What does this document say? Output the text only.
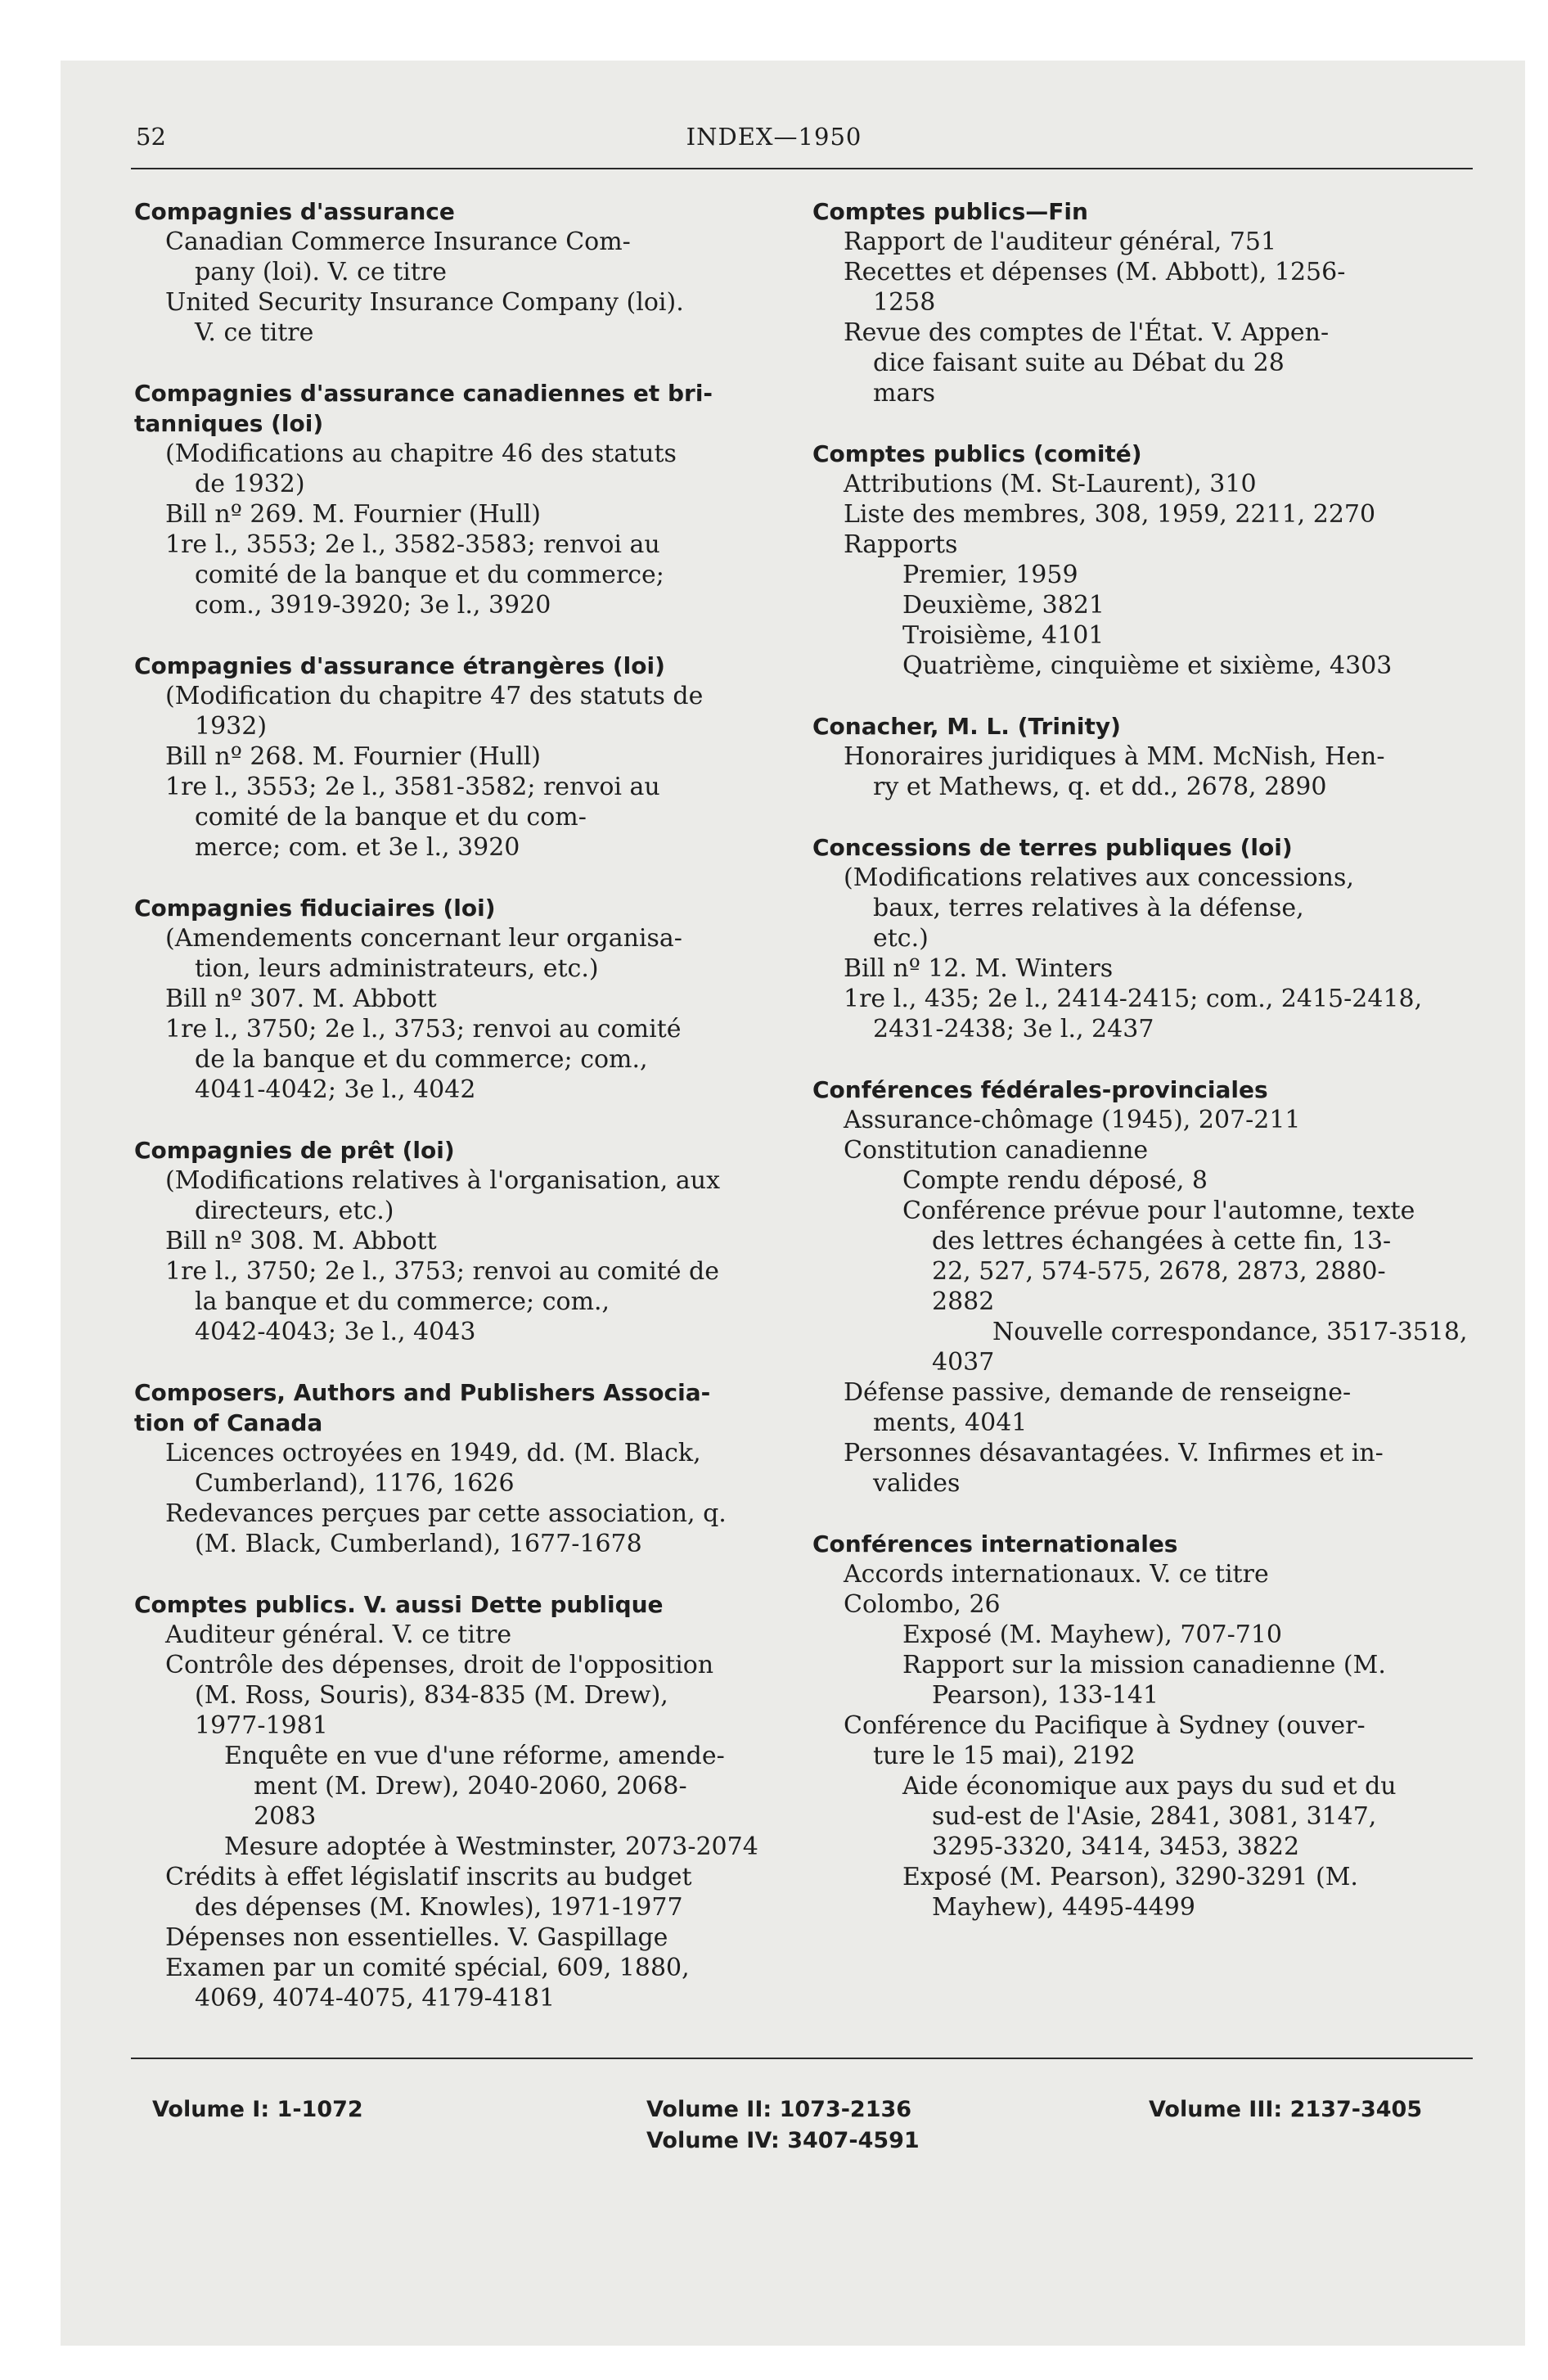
52	INDEX—1950
Compagnies d'assurance
Canadian Commerce Insurance Com-
pany (loi). V. ce titre
United Security Insurance Company (loi).
V. ce titre
Compagnies d'assurance canadiennes et bri-
tanniques (loi)
(Modifications au chapitre 46 des statuts
de 1932)
Bill nº 269. M. Fournier (Hull)
1re l., 3553; 2e l., 3582-3583; renvoi au
comité de la banque et du commerce;
com., 3919-3920; 3e l., 3920
Compagnies d'assurance étrangères (loi)
(Modification du chapitre 47 des statuts de
1932)
Bill nº 268. M. Fournier (Hull)
1re l., 3553; 2e l., 3581-3582; renvoi au
comité de la banque et du com-
merce; com. et 3e l., 3920
Compagnies fiduciaires (loi)
(Amendements concernant leur organisa-
tion, leurs administrateurs, etc.)
Bill nº 307. M. Abbott
1re l., 3750; 2e l., 3753; renvoi au comité
de la banque et du commerce; com.,
4041-4042; 3e l., 4042
Compagnies de prêt (loi)
(Modifications relatives à l'organisation, aux
directeurs, etc.)
Bill nº 308. M. Abbott
1re l., 3750; 2e l., 3753; renvoi au comité de
la banque et du commerce; com.,
4042-4043; 3e l., 4043
Composers, Authors and Publishers Associa-
tion of Canada
Licences octroyées en 1949, dd. (M. Black,
Cumberland), 1176, 1626
Redevances perçues par cette association, q.
(M. Black, Cumberland), 1677-1678
Comptes publics. V. aussi Dette publique
Auditeur général. V. ce titre
Contrôle des dépenses, droit de l'opposition
(M. Ross, Souris), 834-835 (M. Drew),
1977-1981
Enquête en vue d'une réforme, amende-
ment (M. Drew), 2040-2060, 2068-
2083
Mesure adoptée à Westminster, 2073-2074
Crédits à effet législatif inscrits au budget
des dépenses (M. Knowles), 1971-1977
Dépenses non essentielles. V. Gaspillage
Examen par un comité spécial, 609, 1880,
4069, 4074-4075, 4179-4181
Comptes publics—Fin
Rapport de l'auditeur général, 751
Recettes et dépenses (M. Abbott), 1256-
1258
Revue des comptes de l'État. V. Appen-
dice faisant suite au Débat du 28
mars
Comptes publics (comité)
Attributions (M. St-Laurent), 310
Liste des membres, 308, 1959, 2211, 2270
Rapports
Premier, 1959
Deuxième, 3821
Troisième, 4101
Quatrième, cinquième et sixième, 4303
Conacher, M. L. (Trinity)
Honoraires juridiques à MM. McNish, Hen-
ry et Mathews, q. et dd., 2678, 2890
Concessions de terres publiques (loi)
(Modifications relatives aux concessions,
baux, terres relatives à la défense,
etc.)
Bill nº 12. M. Winters
1re l., 435; 2e l., 2414-2415; com., 2415-2418,
2431-2438; 3e l., 2437
Conférences fédérales-provinciales
Assurance-chômage (1945), 207-211
Constitution canadienne
Compte rendu déposé, 8
Conférence prévue pour l'automne, texte
des lettres échangées à cette fin, 13-
22, 527, 574-575, 2678, 2873, 2880-
2882
Nouvelle correspondance, 3517-3518,
4037
Défense passive, demande de renseigne-
ments, 4041
Personnes désavantagées. V. Infirmes et in-
valides
Conférences internationales
Accords internationaux. V. ce titre
Colombo, 26
Exposé (M. Mayhew), 707-710
Rapport sur la mission canadienne (M.
Pearson), 133-141
Conférence du Pacifique à Sydney (ouver-
ture le 15 mai), 2192
Aide économique aux pays du sud et du
sud-est de l'Asie, 2841, 3081, 3147,
3295-3320, 3414, 3453, 3822
Exposé (M. Pearson), 3290-3291 (M.
Mayhew), 4495-4499
Volume I: 1-1072	Volume II: 1073-2136
Volume IV: 3407-4591
Volume III: 2137-3405
